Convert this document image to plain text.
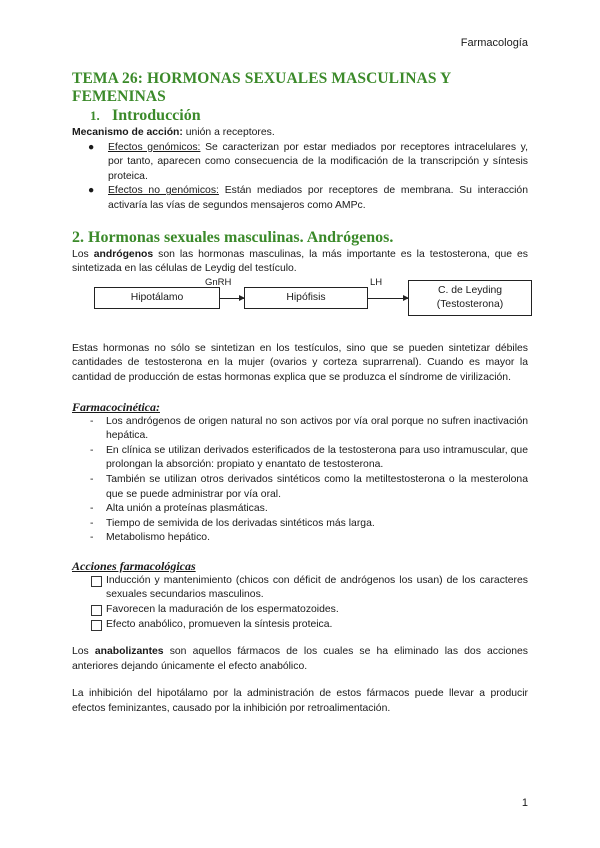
Farmacología
TEMA 26: HORMONAS SEXUALES MASCULINAS Y FEMENINAS
1. Introducción

Mecanismo de acción: unión a receptores.

● Efectos genómicos: Se caracterizan por estar mediados por receptores intracelulares y, por tanto, aparecen como consecuencia de la modificación de la transcripción y síntesis proteica.
● Efectos no genómicos: Están mediados por receptores de membrana. Su interacción activaría las vías de segundos mensajeros como AMPc.
2. Hormonas sexuales masculinas. Andrógenos.

Los andrógenos son las hormonas masculinas, la más importante es la testosterona, que es sintetizada en las células de Leydig del testículo.

GnRH	LH
Hipotálamo	Hipófisis
C. de Leyding
(Testosterona)

Estas hormonas no sólo se sintetizan en los testículos, sino que se pueden sintetizar débiles cantidades de testosterona en la mujer (ovarios y corteza suprarrenal). Cuando es mayor la cantidad de producción de estas hormonas explica que se produzca el síndrome de virilización.

Farmacocinética:
- Los andrógenos de origen natural no son activos por vía oral porque no sufren inactivación hepática.
- En clínica se utilizan derivados esterificados de la testosterona para uso intramuscular, que prolongan la absorción: propiato y enantato de testosterona.
- También se utilizan otros derivados sintéticos como la metiltestosterona o la mesterolona que se puede administrar por vía oral.
- Alta unión a proteínas plasmáticas.
- Tiempo de semivida de los derivadas sintéticos más larga.
- Metabolismo hepático.
Acciones farmacológicas
Inducción y mantenimiento (chicos con déficit de andrógenos los usan) de los caracteres sexuales secundarios masculinos.
Favorecen la maduración de los espermatozoides.
Efecto anabólico, promueven la síntesis proteica.

Los anabolizantes son aquellos fármacos de los cuales se ha eliminado las dos acciones anteriores dejando únicamente el efecto anabólico.

La inhibición del hipotálamo por la administración de estos fármacos puede llevar a producir efectos feminizantes, causado por la inhibición por retroalimentación.

1
